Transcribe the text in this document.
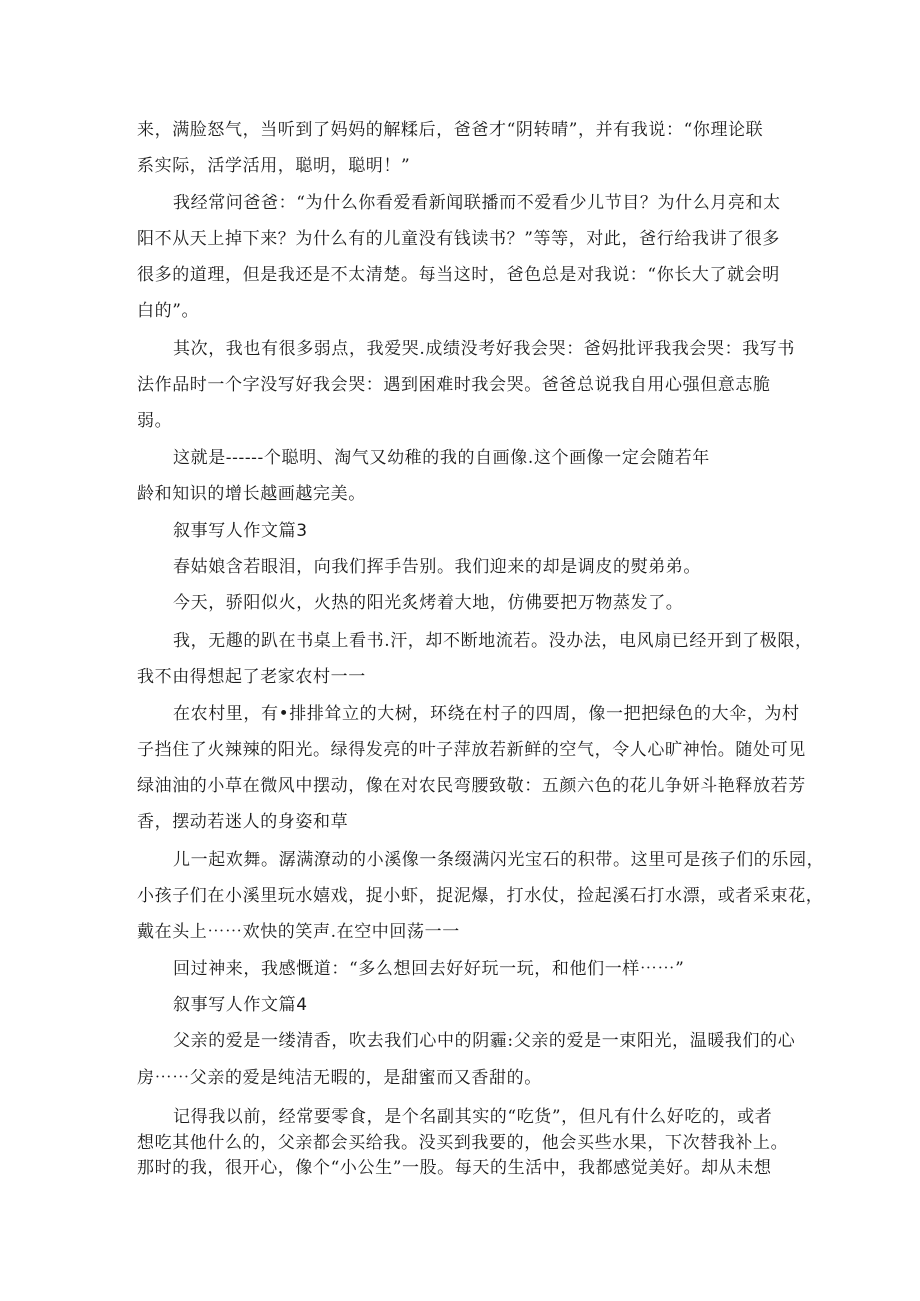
来，满脸怒气，当听到了妈妈的解糅后，爸爸才“阴转晴”，并有我说：“你理论联
系实际，活学活用，聪明，聪明！”
我经常问爸爸：“为什么你看爱看新闻联播而不爱看少儿节目？为什么月亮和太
阳不从天上掉下来？为什么有的儿童没有钱读书？”等等，对此，爸行给我讲了很多
很多的道理，但是我还是不太清楚。每当这时，爸色总是对我说：“你长大了就会明
白的”。
其次，我也有很多弱点，我爱哭.成绩没考好我会哭：爸妈批评我我会哭：我写书
法作品时一个字没写好我会哭：遇到困难时我会哭。爸爸总说我自用心强但意志脆
弱。
这就是------个聪明、淘气又幼稚的我的自画像.这个画像一定会随若年
龄和知识的增长越画越完美。
叙事写人作文篇3
春姑娘含若眼泪，向我们挥手告别。我们迎来的却是调皮的熨弟弟。
今天，骄阳似火，火热的阳光炙烤着大地，仿佛要把万物蒸发了。
我，无趣的趴在书桌上看书.汗，却不断地流若。没办法，电风扇已经开到了极限，
我不由得想起了老家农村一一
在农村里，有•排排耸立的大树，环绕在村子的四周，像一把把绿色的大伞，为村
子挡住了火辣辣的阳光。绿得发亮的叶子萍放若新鲜的空气，令人心旷神怡。随处可见
绿油油的小草在微风中摆动，像在对农民弯腰致敬：五颜六色的花儿争妍斗艳释放若芳
香，摆动若迷人的身姿和草
儿一起欢舞。潺满潦动的小溪像一条缀满闪光宝石的积带。这里可是孩子们的乐园，
小孩子们在小溪里玩水嬉戏，捉小虾，捉泥爆，打水仗，捡起溪石打水漂，或者采束花，
戴在头上⋯⋯欢快的笑声.在空中回荡一一
回过神来，我感慨道：“多么想回去好好玩一玩，和他们一样⋯⋯”
叙事写人作文篇4
父亲的爱是一缕清香，吹去我们心中的阴霾:父亲的爱是一束阳光，温暖我们的心
房⋯⋯父亲的爱是纯洁无暇的，是甜蜜而又香甜的。
记得我以前，经常要零食，是个名副其实的“吃货”，但凡有什么好吃的，或者
想吃其他什么的，父亲都会买给我。没买到我要的，他会买些水果，下次替我补上。
那时的我，很开心，像个“小公生”一股。每天的生活中，我都感觉美好。却从未想
